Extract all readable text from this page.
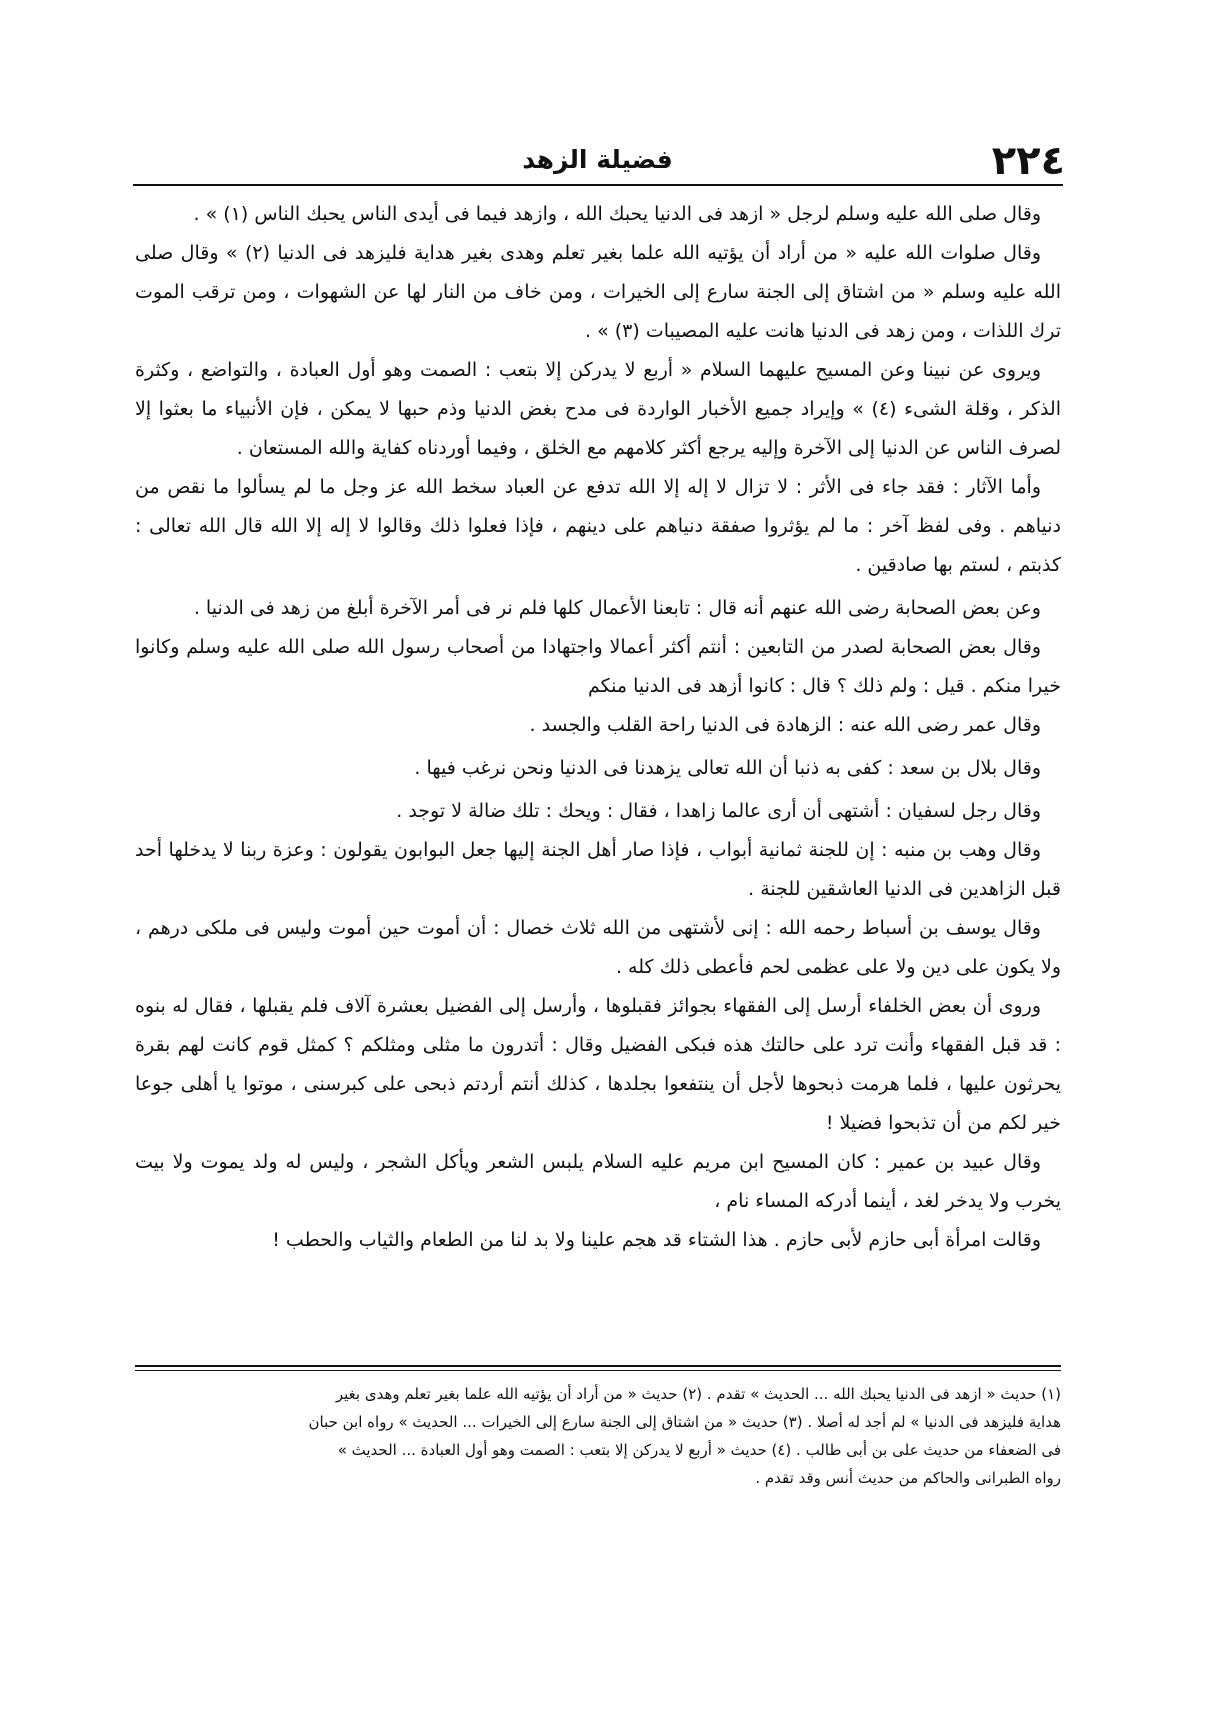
٢٢٤
فضيلة الزهد

وقال صلى الله عليه وسلم لرجل « ازهد فى الدنيا يحبك الله ، وازهد فيما فى أيدى الناس يحبك الناس (١) » .

وقال صلوات الله عليه « من أراد أن يؤتيه الله علما بغير تعلم وهدى بغير هداية فليزهد فى الدنيا (٢) » وقال صلى الله عليه وسلم « من اشتاق إلى الجنة سارع إلى الخيرات ، ومن خاف من النار لها عن الشهوات ، ومن ترقب الموت ترك اللذات ، ومن زهد فى الدنيا هانت عليه المصيبات (٣) » .

ويروى عن نبينا وعن المسيح عليهما السلام « أربع لا يدركن إلا بتعب : الصمت وهو أول العبادة ، والتواضع ، وكثرة الذكر ، وقلة الشىء (٤) » وإيراد جميع الأخبار الواردة فى مدح بغض الدنيا وذم حبها لا يمكن ، فإن الأنبياء ما بعثوا إلا لصرف الناس عن الدنيا إلى الآخرة وإليه يرجع أكثر كلامهم مع الخلق ، وفيما أوردناه كفاية والله المستعان .

وأما الآثار : فقد جاء فى الأثر : لا تزال لا إله إلا الله تدفع عن العباد سخط الله عز وجل ما لم يسألوا ما نقص من دنياهم . وفى لفظ آخر : ما لم يؤثروا صفقة دنياهم على دينهم ، فإذا فعلوا ذلك وقالوا لا إله إلا الله قال الله تعالى : كذبتم ، لستم بها صادقين .

وعن بعض الصحابة رضى الله عنهم أنه قال : تابعنا الأعمال كلها فلم نر فى أمر الآخرة أبلغ من زهد فى الدنيا .

وقال بعض الصحابة لصدر من التابعين : أنتم أكثر أعمالا واجتهادا من أصحاب رسول الله صلى الله عليه وسلم وكانوا خيرا منكم . قيل : ولم ذلك ؟ قال : كانوا أزهد فى الدنيا منكم

وقال عمر رضى الله عنه : الزهادة فى الدنيا راحة القلب والجسد .

وقال بلال بن سعد : كفى به ذنبا أن الله تعالى يزهدنا فى الدنيا ونحن نرغب فيها .

وقال رجل لسفيان : أشتهى أن أرى عالما زاهدا ، فقال : ويحك : تلك ضالة لا توجد .

وقال وهب بن منبه : إن للجنة ثمانية أبواب ، فإذا صار أهل الجنة إليها جعل البوابون يقولون : وعزة ربنا لا يدخلها أحد قبل الزاهدين فى الدنيا العاشقين للجنة .

وقال يوسف بن أسباط رحمه الله : إنى لأشتهى من الله ثلاث خصال : أن أموت حين أموت وليس فى ملكى درهم ، ولا يكون على دين ولا على عظمى لحم فأعطى ذلك كله .

وروى أن بعض الخلفاء أرسل إلى الفقهاء بجوائز فقبلوها ، وأرسل إلى الفضيل بعشرة آلاف فلم يقبلها ، فقال له بنوه : قد قبل الفقهاء وأنت ترد على حالتك هذه فبكى الفضيل وقال : أتدرون ما مثلى ومثلكم ؟ كمثل قوم كانت لهم بقرة يحرثون عليها ، فلما هرمت ذبحوها لأجل أن ينتفعوا بجلدها ، كذلك أنتم أردتم ذبحى على كبرسنى ، موتوا يا أهلى جوعا خير لكم من أن تذبحوا فضيلا !

وقال عبيد بن عمير : كان المسيح ابن مريم عليه السلام يلبس الشعر ويأكل الشجر ، وليس له ولد يموت ولا بيت يخرب ولا يدخر لغد ، أينما أدركه المساء نام ،

وقالت امرأة أبى حازم لأبى حازم . هذا الشتاء قد هجم علينا ولا بد لنا من الطعام والثياب والحطب !

(١) حديث « ازهد فى الدنيا يحبك الله ... الحديث » تقدم . (٢) حديث « من أراد أن يؤتيه الله علما بغير تعلم وهدى بغير

هداية فليزهد فى الدنيا » لم أجد له أصلا . (٣) حديث « من اشتاق إلى الجنة سارع إلى الخيرات ... الحديث » رواه ابن حبان

فى الضعفاء من حديث على بن أبى طالب . (٤) حديث « أربع لا يدركن إلا بتعب : الصمت وهو أول العبادة ... الحديث »

رواه الطبرانى والحاكم من حديث أنس وقد تقدم .
